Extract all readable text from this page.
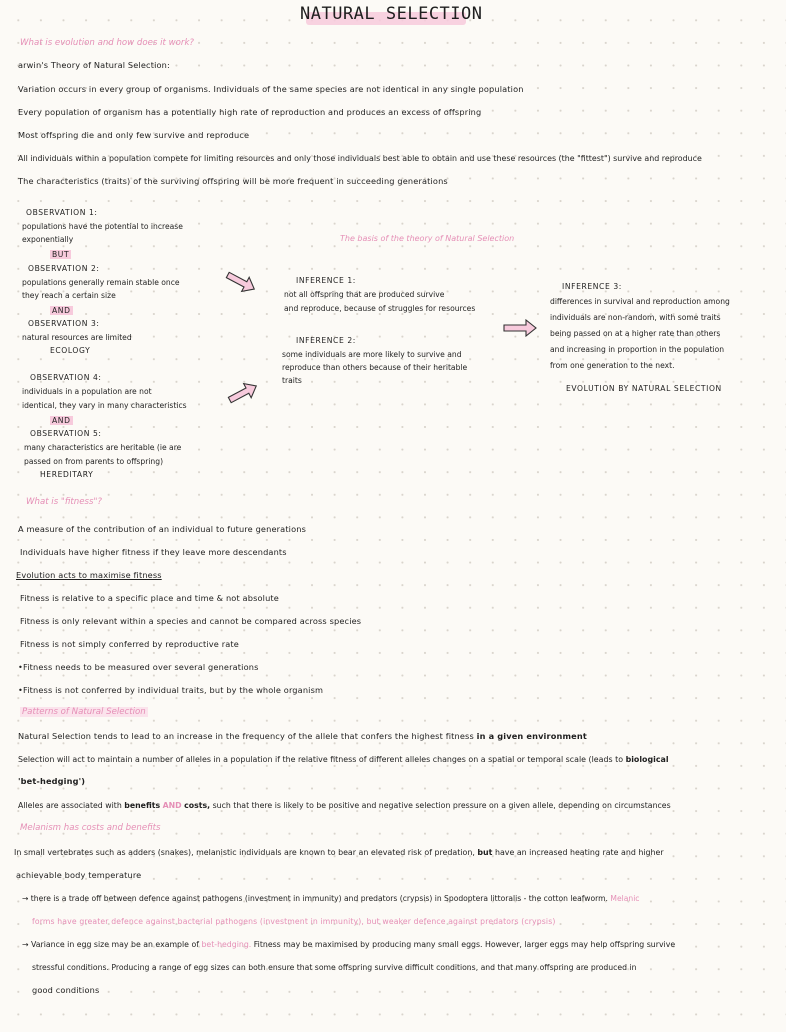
NATURAL SELECTION
What is evolution and how does it work?
arwin's Theory of Natural Selection:
Variation occurs in every group of organisms. Individuals of the same species are not identical in any single population
Every population of organism has a potentially high rate of reproduction and produces an excess of offspring
Most offspring die and only few survive and reproduce
All individuals within a population compete for limiting resources and only those individuals best able to obtain and use these resources (the "fittest") survive and reproduce
The characteristics (traits) of the surviving offspring will be more frequent in succeeding generations
OBSERVATION 1:
populations have the potential to increase
exponentially
BUT
OBSERVATION 2:
populations generally remain stable once
they reach a certain size
AND
OBSERVATION 3:
natural resources are limited
ECOLOGY
OBSERVATION 4:
individuals in a population are not
identical, they vary in many characteristics
AND
OBSERVATION 5:
many characteristics are heritable (ie are
passed on from parents to offspring)
HEREDITARY
The basis of the theory of Natural Selection
INFERENCE 1:
not all offspring that are produced survive
and reproduce, because of struggles for resources
INFERENCE 2:
some individuals are more likely to survive and
reproduce than others because of their heritable
traits
INFERENCE 3:
differences in survival and reproduction among
individuals are non-random, with some traits
being passed on at a higher rate than others
and increasing in proportion in the population
from one generation to the next.
EVOLUTION BY NATURAL SELECTION
What is "fitness"?
A measure of the contribution of an individual to future generations
Individuals have higher fitness if they leave more descendants
Evolution acts to maximise fitness
Fitness is relative to a specific place and time & not absolute
Fitness is only relevant within a species and cannot be compared across species
Fitness is not simply conferred by reproductive rate
•Fitness needs to be measured over several generations
•Fitness is not conferred by individual traits, but by the whole organism
Patterns of Natural Selection
Natural Selection tends to lead to an increase in the frequency of the allele that confers the highest fitness in a given environment
Selection will act to maintain a number of alleles in a population if the relative fitness of different alleles changes on a spatial or temporal scale (leads to biological
'bet-hedging')
Alleles are associated with benefits AND costs, such that there is likely to be positive and negative selection pressure on a given allele, depending on circumstances
Melanism has costs and benefits
In small vertebrates such as adders (snakes), melanistic individuals are known to bear an elevated risk of predation, but have an increased heating rate and higher
achievable body temperature
→ there is a trade off between defence against pathogens (investment in immunity) and predators (crypsis) in Spodoptera littoralis - the cotton leafworm. Melanic
forms have greater defence against bacterial pathogens (investment in immunity), but weaker defence against predators (crypsis)
→ Variance in egg size may be an example of bet-hedging. Fitness may be maximised by producing many small eggs. However, larger eggs may help offspring survive
stressful conditions. Producing a range of egg sizes can both ensure that some offspring survive difficult conditions, and that many offspring are produced in
good conditions
